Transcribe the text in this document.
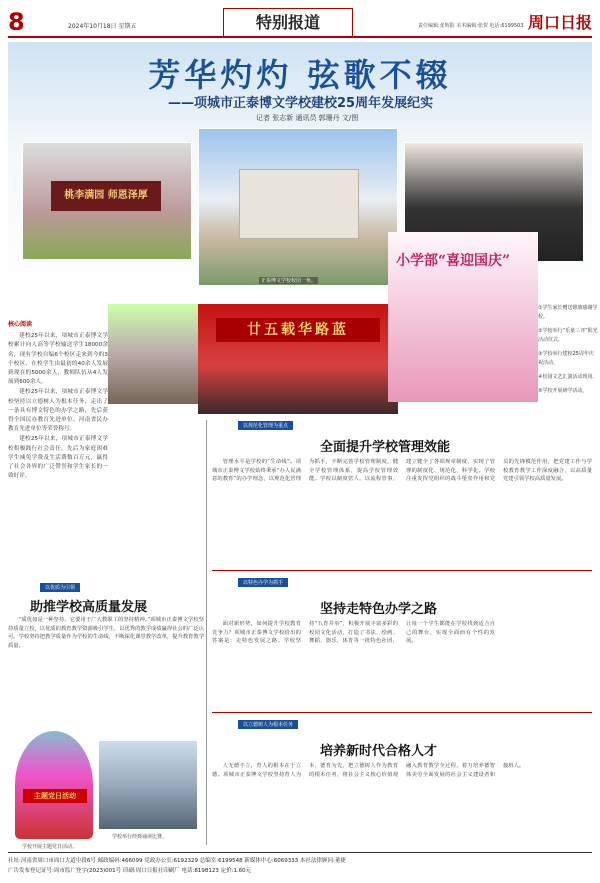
8	2024年10月18日 星期五	特别报道	责任编辑:张辉阳 美术编辑:张贺 电话:6199503 周口日报
芳华灼灼 弦歌不辍
——项城市正泰博文学校建校25周年发展纪实
记者 张志新 通讯员 郭珊丹 文/图
桃李满园 师恩泽厚
正泰博文学校校园一角。
廿五载华路蓝
小学部“喜迎国庆”
①学生家长赠送锦旗感谢学校。
②学校举行“乐童三评”阳光活动仪式。
③学校举行建校25周年庆祝活动。
④校园文艺汇演活动现场。
⑤学校开展研学活动。
核心阅读

建校25年以来，项城市正泰博文学校累计向人高等学校输送学生18000余名，现有学校自编6个校区走来到今的3个校区，在校学生由最初的40余人发展到现在的5000余人，教师队伍从4人发展到600余人。

建校25年以来，项城市正泰博文学校坚持以立德树人为根本任务，走出了一条具有博文特色的办学之路，先后获得全国民办教育先进单位、河南省民办教育先进单位等荣誉称号。

建校25年以来，项城市正泰博文学校积极践行社会责任，先后为家庭困难学生减免学费及生活费数百万元，赢得了社会各界的广泛赞誉和学生家长的一致好评。

以优质为引领
助推学校高质量发展

“质优如是一种坚持，它要用于广大教职工的坚持精神。”项城市正泰博文学校坚持质量立校，以优质的教育教学资源吸引学生，以优秀的教学成绩赢得社会的广泛认可。学校坚持把教学质量作为学校的生命线，不断深化课堂教学改革，提升教育教学质量。

主题党日活动
学校开展主题党日活动。
学校举行经典诵读比赛。
以规范化管理为重点
全面提升学校管理效能

管理水平是学校的“生命线”。项城市正泰博文学校始终秉承“办人民满意的教育”的办学理念，以规范化管理为抓手，不断完善学校管理制度，健全学校管理体系，提高学校管理效能。学校以制度管人、以流程管事，建立健全了各项规章制度，实现了管理的制度化、规范化、科学化。学校注重发挥党组织的战斗堡垒作用和党员的先锋模范作用，把党建工作与学校教育教学工作深度融合，以高质量党建引领学校高质量发展。

以特色办学为抓手
坚持走特色办学之路

面对新形势，如何提升学校教育竞争力？项城市正泰博文学校给出的答案是：走特色发展之路。学校坚持“五育并举”，积极开展丰富多彩的校园文化活动，打造了书法、绘画、舞蹈、器乐、体育等一批特色社团，让每一个学生都能在学校找到适合自己的舞台，实现全面而有个性的发展。

以立德树人为根本任务
培养新时代合格人才

人无德不立，育人的根本在于立德。项城市正泰博文学校坚持育人为本、德育为先，把立德树人作为教育的根本任务，将社会主义核心价值观融入教育教学全过程，着力培养德智体美劳全面发展的社会主义建设者和接班人。

社址:河南省周口市周口大道中段6号 邮政编码:466099 党政办公室:6192329 总编室:6199548 新媒体中心:6069333 本社法律顾问:董捷
广告发布登记证号:周市监广登字(2023)001号 印刷:周口日报社印刷厂 电话:8198123 定价:1.60元
